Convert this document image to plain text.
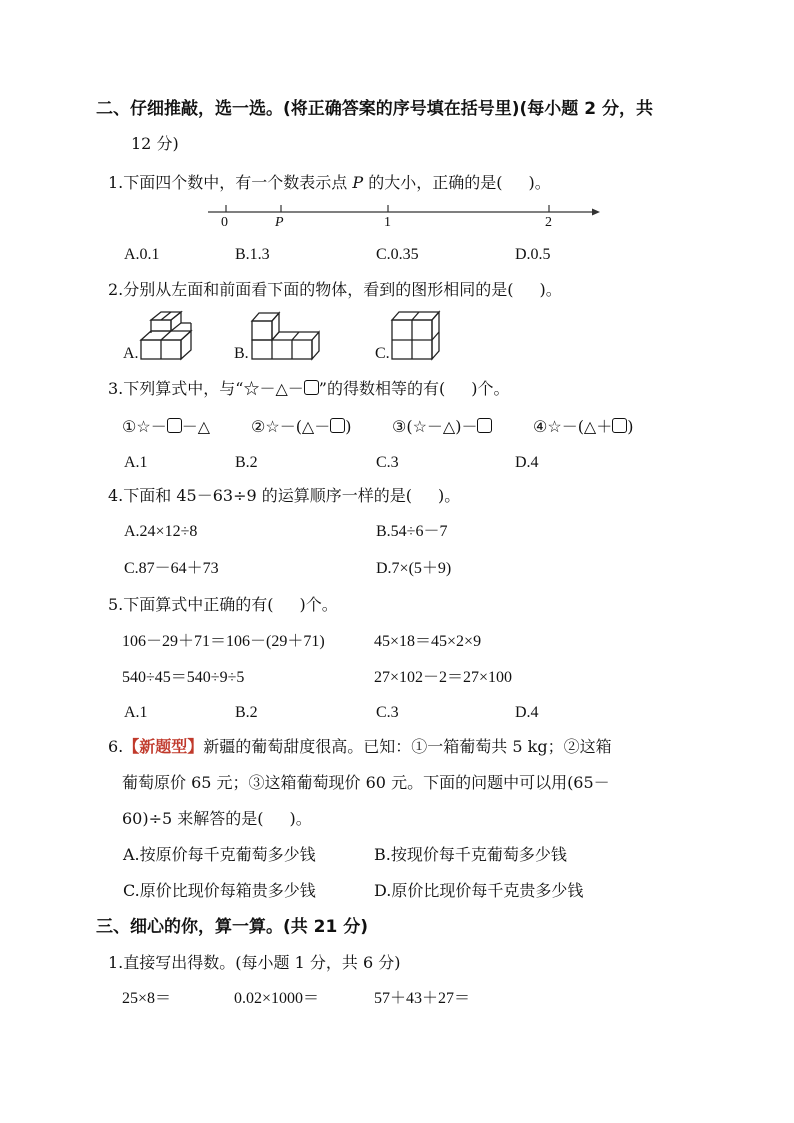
二、仔细推敲，选一选。(将正确答案的序号填在括号里)(每小题 2 分，共
12 分)
1.下面四个数中，有一个数表示点 P 的大小，正确的是( )。
0	P	1	2
A.0.1	B.1.3	C.0.35	D.0.5
2.分别从左面和前面看下面的物体，看到的图形相同的是( )。
A.	B.	C.
3.下列算式中，与“☆－△－ ”的得数相等的有( )个。
①☆－ －△	②☆－(△－ )	③(☆－△)－	④☆－(△＋ )
A.1	B.2	C.3	D.4
4.下面和 45－63÷9 的运算顺序一样的是( )。
A.24×12÷8	B.54÷6－7
C.87－64＋73	D.7×(5＋9)
5.下面算式中正确的有( )个。
106－29＋71＝106－(29＋71)	45×18＝45×2×9
540÷45＝540÷9÷5	27×102－2＝27×100
A.1	B.2	C.3	D.4
6.【新题型】新疆的葡萄甜度很高。已知：①一箱葡萄共 5 kg；②这箱
葡萄原价 65 元；③这箱葡萄现价 60 元。下面的问题中可以用(65－
60)÷5 来解答的是( )。
A.按原价每千克葡萄多少钱	B.按现价每千克葡萄多少钱
C.原价比现价每箱贵多少钱	D.原价比现价每千克贵多少钱
三、细心的你，算一算。(共 21 分)
1.直接写出得数。(每小题 1 分，共 6 分)
25×8＝	0.02×1000＝	57＋43＋27＝
